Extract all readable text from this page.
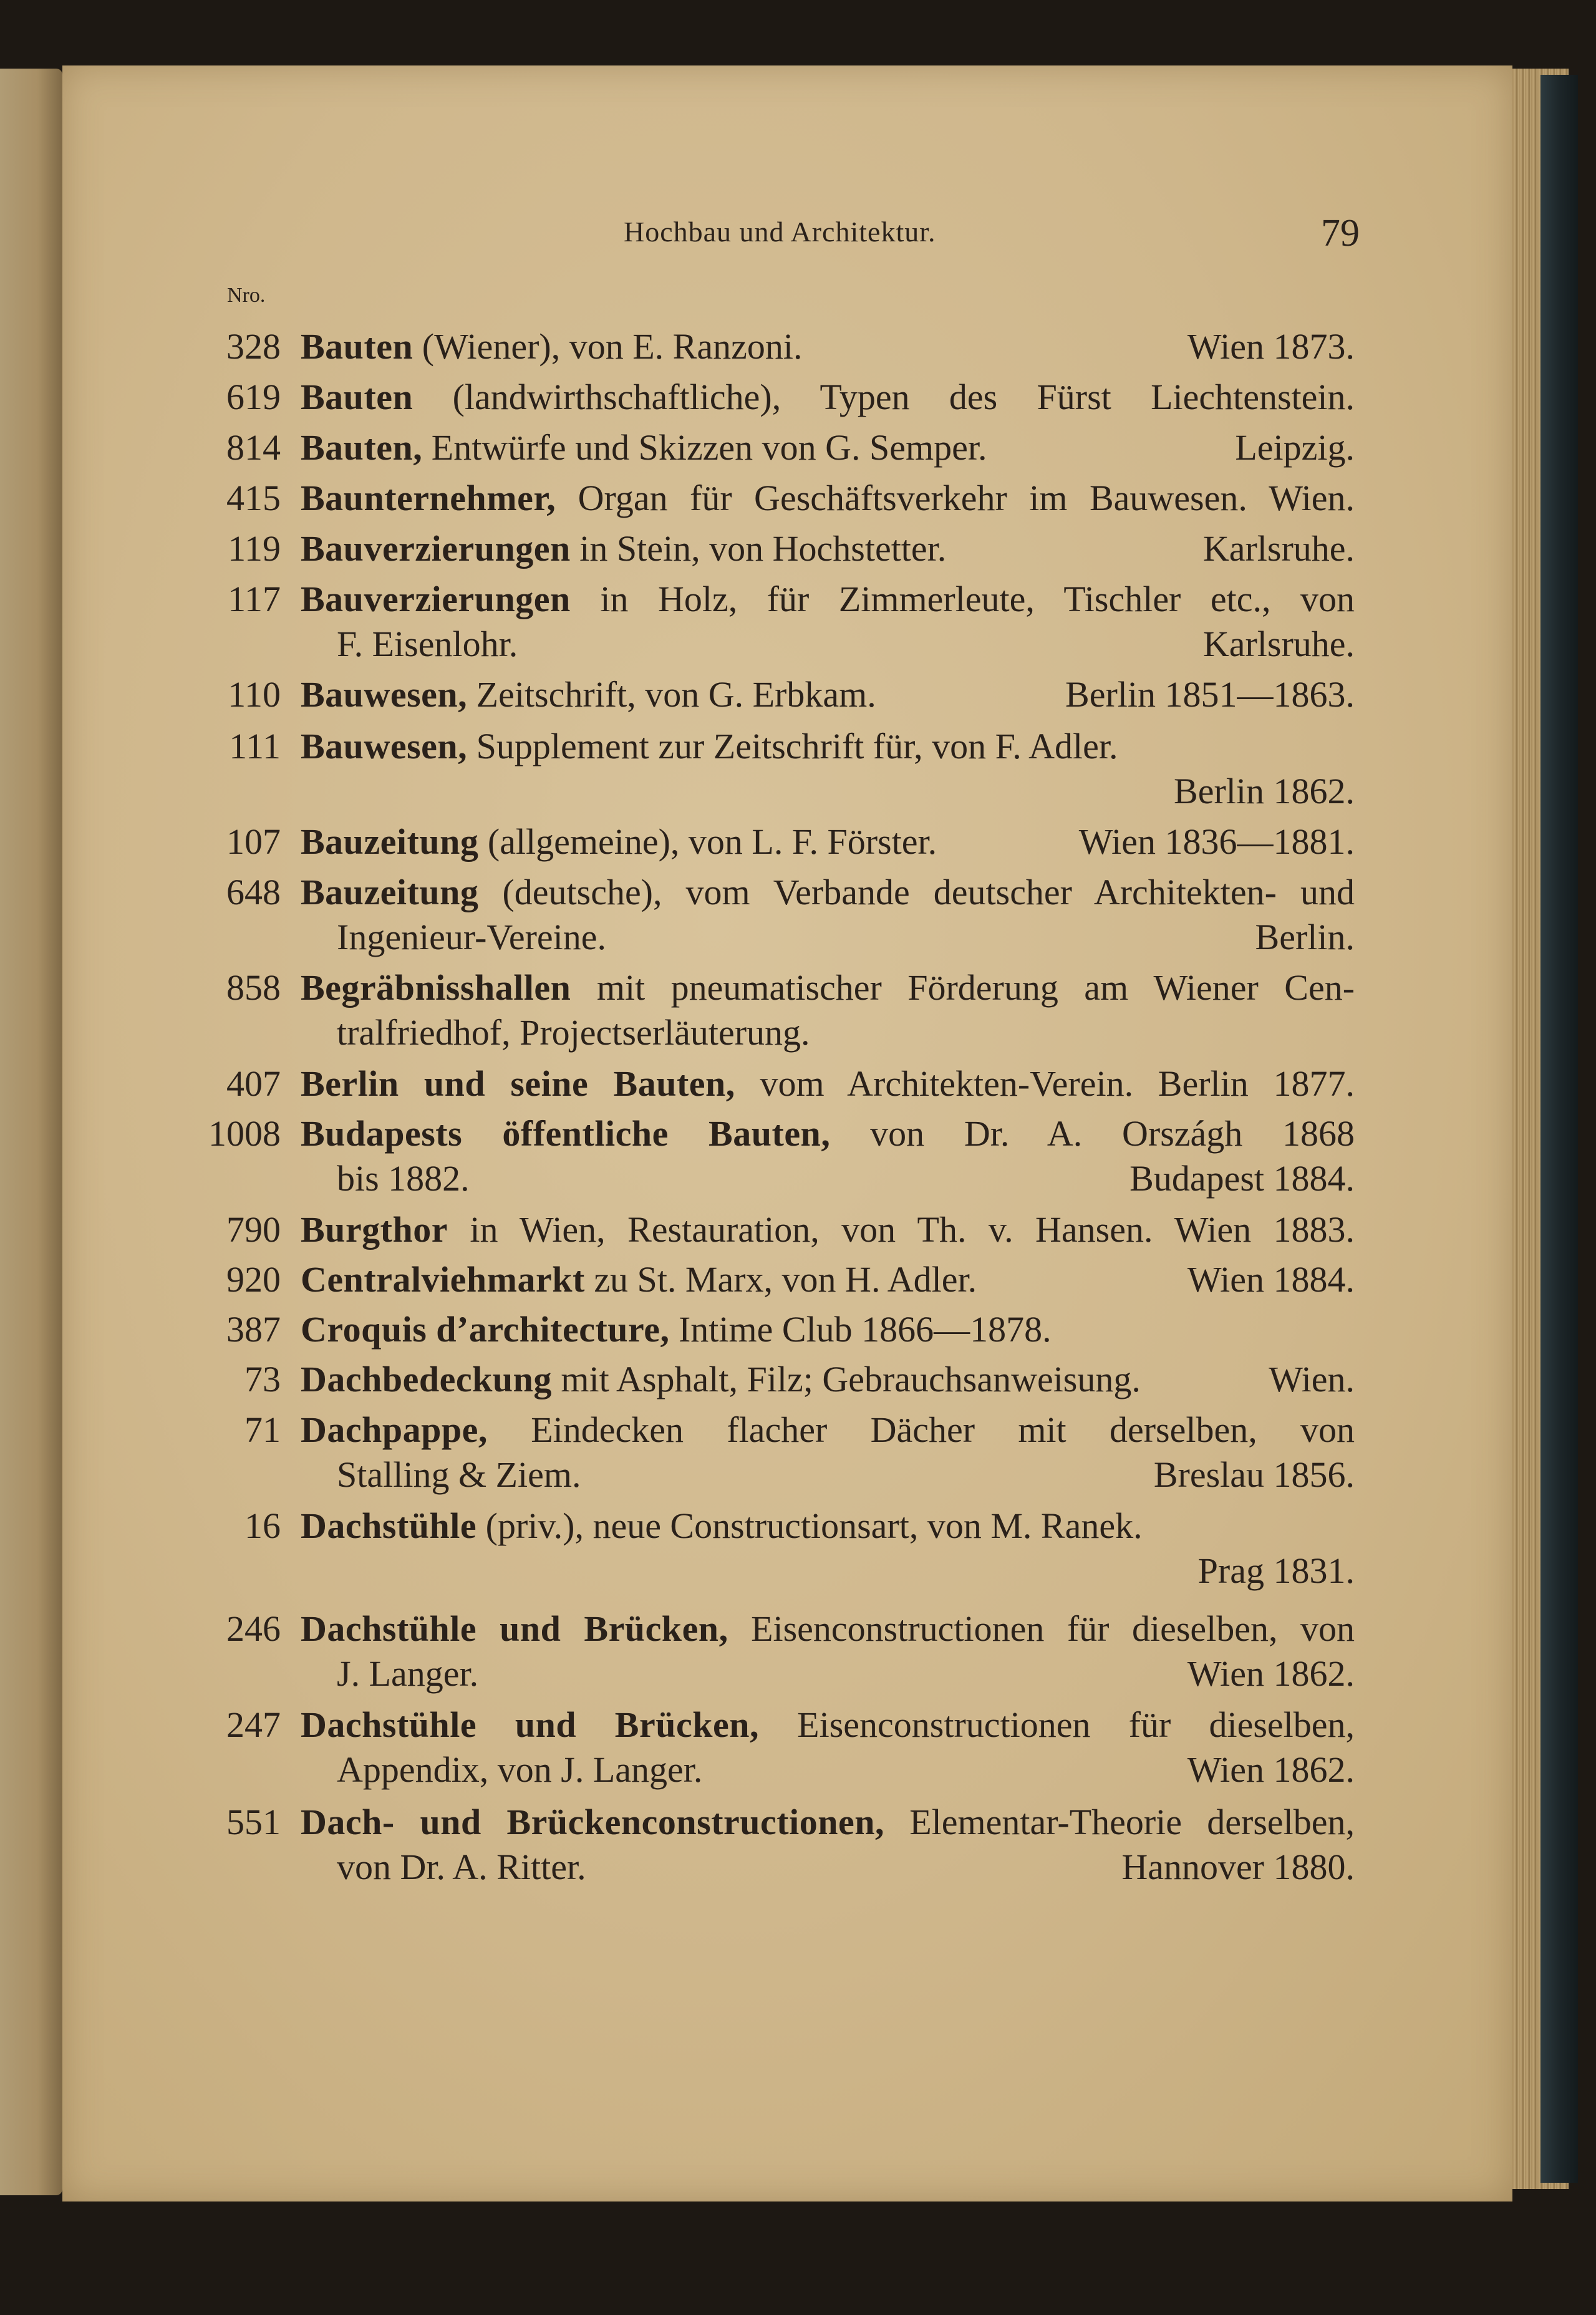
Hochbau und Architektur.	79
Nro.
328 Bauten (Wiener), von E. Ranzoni.	Wien 1873.
619 Bauten (landwirthschaftliche), Typen des Fürst Liechtenstein.
814 Bauten, Entwürfe und Skizzen von G. Semper.	Leipzig.
415 Baunternehmer, Organ für Geschäftsverkehr im Bauwesen. Wien.
119 Bauverzierungen in Stein, von Hochstetter.	Karlsruhe.
117 Bauverzierungen in Holz, für Zimmerleute, Tischler etc., von
F. Eisenlohr.	Karlsruhe.
110 Bauwesen, Zeitschrift, von G. Erbkam.	Berlin 1851—1863.
111 Bauwesen, Supplement zur Zeitschrift für, von F. Adler.
Berlin 1862.
107 Bauzeitung (allgemeine), von L. F. Förster.	Wien 1836—1881.
648 Bauzeitung (deutsche), vom Verbande deutscher Architekten- und
Ingenieur-Vereine.	Berlin.
858 Begräbnisshallen mit pneumatischer Förderung am Wiener Cen-
tralfriedhof, Projectserläuterung.
407 Berlin und seine Bauten, vom Architekten-Verein. Berlin 1877.
1008 Budapests öffentliche Bauten, von Dr. A. Országh 1868
bis 1882.	Budapest 1884.
790 Burgthor in Wien, Restauration, von Th. v. Hansen. Wien 1883.
920 Centralviehmarkt zu St. Marx, von H. Adler.	Wien 1884.
387 Croquis d’architecture, Intime Club 1866—1878.
73 Dachbedeckung mit Asphalt, Filz; Gebrauchsanweisung.	Wien.
71 Dachpappe, Eindecken flacher Dächer mit derselben, von
Stalling & Ziem.	Breslau 1856.
16 Dachstühle (priv.), neue Constructionsart, von M. Ranek.
Prag 1831.
246 Dachstühle und Brücken, Eisenconstructionen für dieselben, von
J. Langer.	Wien 1862.
247 Dachstühle und Brücken, Eisenconstructionen für dieselben,
Appendix, von J. Langer.	Wien 1862.
551 Dach- und Brückenconstructionen, Elementar-Theorie derselben,
von Dr. A. Ritter.	Hannover 1880.
